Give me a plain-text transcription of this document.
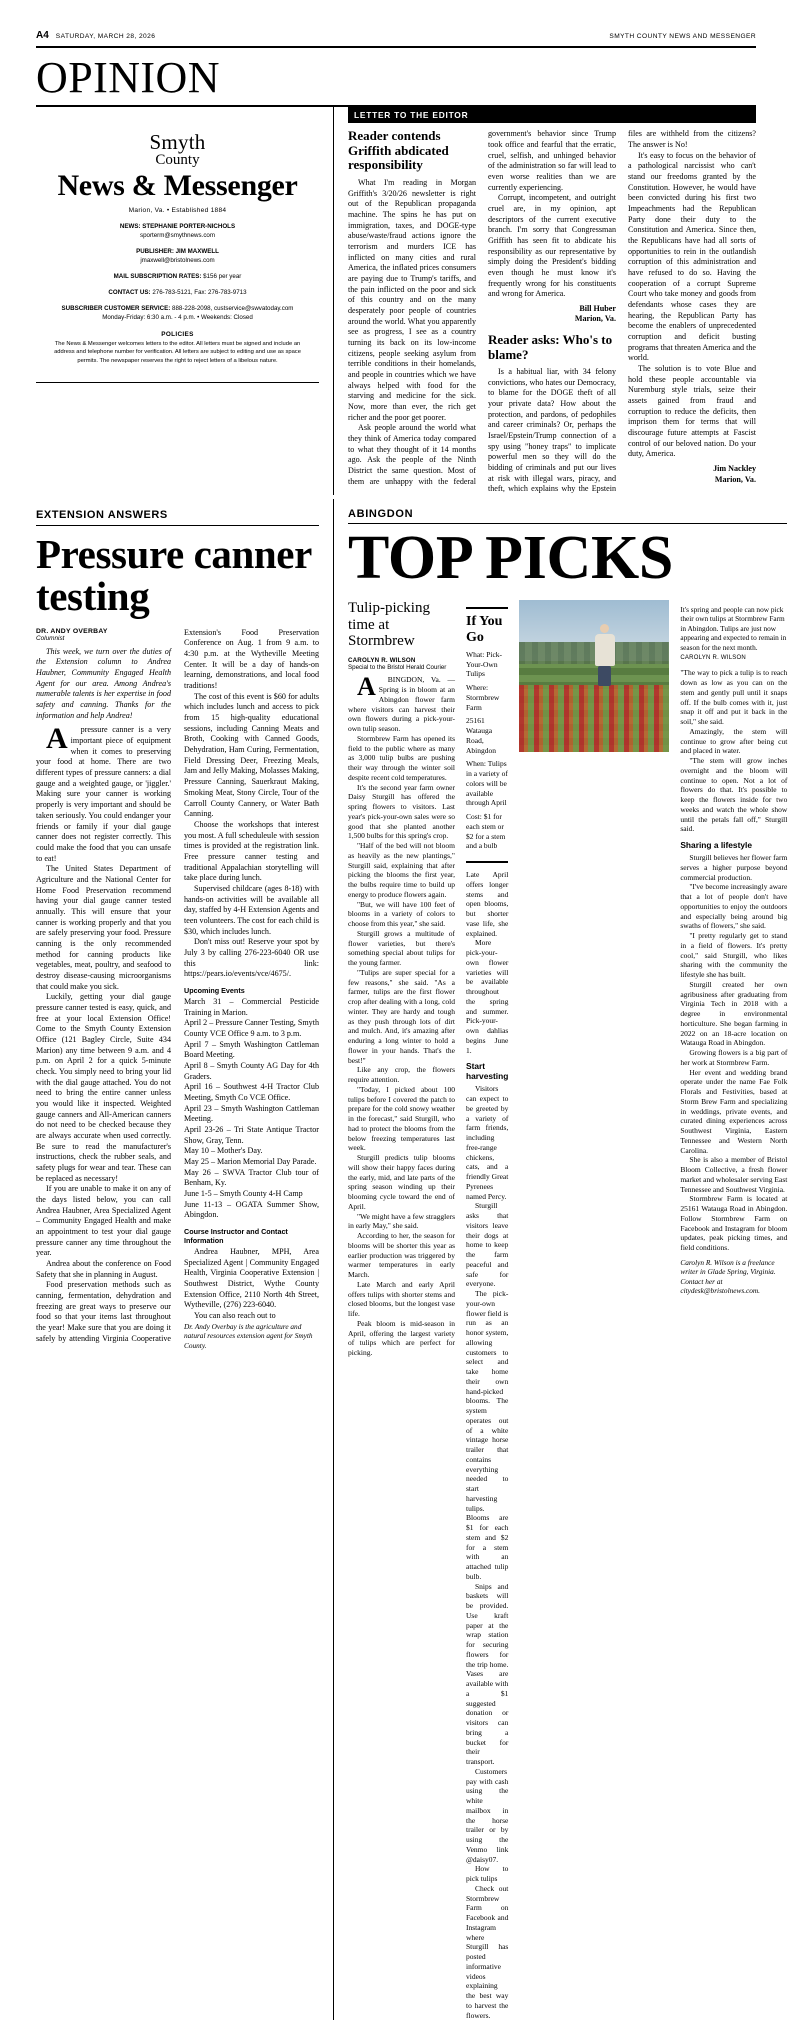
A4 SATURDAY, MARCH 28, 2026	SMYTH COUNTY NEWS AND MESSENGER
OPINION
Smyth
County
News & Messenger
Marion, Va. • Established 1884
NEWS: STEPHANIE PORTER-NICHOLS
sporterm@smythnews.com
PUBLISHER: JIM MAXWELL
jmaxwell@bristolnews.com
MAIL SUBSCRIPTION RATES: $156 per year
CONTACT US: 276-783-5121, Fax: 276-783-9713
SUBSCRIBER CUSTOMER SERVICE: 888-228-2098, custservice@swvatoday.com
Monday-Friday: 6:30 a.m. - 4 p.m. • Weekends: Closed
POLICIES
The News & Messenger welcomes letters to the editor. All letters must be signed and include an address and telephone number for verification. All letters are subject to editing and use as space permits. The newspaper reserves the right to reject letters of a libelous nature.
LETTER TO THE EDITOR
Reader contends Griffith abdicated responsibility

What I'm reading in Morgan Griffith's 3/20/26 newsletter is right out of the Republican propaganda machine. The spins he has put on immigration, taxes, and DOGE-type abuse/waste/fraud actions ignore the terrorism and murders ICE has inflicted on many cities and rural America, the inflated prices consumers are paying due to Trump's tariffs, and the pain inflicted on the poor and sick of this country and on the many desperately poor people of countries around the world. What you apparently see as progress, I see as a country turning its back on its low-income citizens, people seeking asylum from terrible conditions in their homelands, and people in countries which we have always helped with food for the starving and medicine for the sick. Now, more than ever, the rich get richer and the poor get poorer.

Ask people around the world what they think of America today compared to what they thought of it 14 months ago. Ask the people of the Ninth District the same question. Most of them are unhappy with the federal government's behavior since Trump took office and fearful that the erratic, cruel, selfish, and unhinged behavior of the administration so far will lead to even worse realities than we are currently experiencing.

Corrupt, incompetent, and outright cruel are, in my opinion, apt descriptors of the current executive branch. I'm sorry that Congressman Griffith has seen fit to abdicate his responsibility as our representative by simply doing the President's bidding even though he must know it's frequently wrong for his constituents and wrong for America.

Bill Huber
Marion, Va.
Reader asks: Who's to blame?

Is a habitual liar, with 34 felony convictions, who hates our Democracy, to blame for the DOGE theft of all your private data? How about the protection, and pardons, of pedophiles and career criminals? Or, perhaps the Israel/Epstein/Trump connection of a spy using "honey traps" to implicate powerful men so they will do the bidding of criminals and put our lives at risk with illegal wars, piracy, and theft, which explains why the Epstein files are withheld from the citizens? The answer is No!

It's easy to focus on the behavior of a pathological narcissist who can't stand our freedoms granted by the Constitution. However, he would have been convicted during his first two Impeachments had the Republican Party done their duty to the Constitution and America. Since then, the Republicans have had all sorts of opportunities to rein in the outlandish corruption of this administration and have refused to do so. Having the cooperation of a corrupt Supreme Court who take money and goods from defendants whose cases they are hearing, the Republican Party has become the enablers of unprecedented corruption and deficit busting programs that threaten America and the world.

The solution is to vote Blue and hold these people accountable via Nuremburg style trials, seize their assets gained from fraud and corruption to reduce the deficits, then imprison them for terms that will discourage future attempts at Fascist control of our beloved nation. Do your duty, America.

Jim Nackley
Marion, Va.
EXTENSION ANSWERS
Pressure canner testing
DR. ANDY OVERBAY
Columnist

This week, we turn over the duties of the Extension column to Andrea Haubner, Community Engaged Health Agent for our area. Among Andrea's numerable talents is her expertise in food safety and canning. Thanks for the information and help Andrea!

Apressure canner is a very important piece of equipment when it comes to preserving your food at home. There are two different types of pressure canners: a dial gauge and a weighted gauge, or 'jiggler.' Making sure your canner is working properly is very important and should be taken seriously. You could endanger your friends or family if your dial gauge canner does not register correctly. This could make the food that you can unsafe to eat!

The United States Department of Agriculture and the National Center for Home Food Preservation recommend having your dial gauge canner tested annually. This will ensure that your canner is working properly and that you are safely preserving your food. Pressure canning is the only recommended method for canning products like vegetables, meat, poultry, and seafood to destroy disease-causing microorganisms that could make you sick.

Luckily, getting your dial gauge pressure canner tested is easy, quick, and free at your local Extension Office! Come to the Smyth County Extension Office (121 Bagley Circle, Suite 434 Marion) any time between 9 a.m. and 4 p.m. on April 2 for a quick 5-minute check. You simply need to bring your lid with the dial gauge attached. You do not need to bring the entire canner unless you would like it inspected. Weighted gauge canners and All-American canners do not need to be checked because they are always accurate when used correctly. Be sure to read the manufacturer's instructions, check the rubber seals, and safety plugs for wear and tear. These can be replaced as necessary!

If you are unable to make it on any of the days listed below, you can call Andrea Haubner, Area Specialized Agent – Community Engaged Health and make an appointment to test your dial gauge pressure canner any time throughout the year.

Andrea about the conference on Food Safety that she in planning in August.

Food preservation methods such as canning, fermentation, dehydration and freezing are great ways to preserve our food so that your items last throughout the year! Make sure that you are doing it safely by attending Virginia Cooperative Extension's Food Preservation Conference on Aug. 1 from 9 a.m. to 4:30 p.m. at the Wytheville Meeting Center. It will be a day of hands-on learning, demonstrations, and local food traditions!

The cost of this event is $60 for adults which includes lunch and access to pick from 15 high-quality educational sessions, including Canning Meats and Broth, Cooking with Canned Goods, Dehydration, Ham Curing, Fermentation, Field Dressing Deer, Freezing Meals, Jam and Jelly Making, Molasses Making, Pressure Canning, Sauerkraut Making, Smoking Meat, Stony Circle, Tour of the Carroll County Cannery, or Water Bath Canning.

Choose the workshops that interest you most. A full scheduleule with session times is provided at the registration link. Free pressure canner testing and traditional Appalachian storytelling will take place during lunch.

Supervised childcare (ages 8-18) with hands-on activities will be available all day, staffed by 4-H Extension Agents and teen volunteers. The cost for each child is $30, which includes lunch.

Don't miss out! Reserve your spot by July 3 by calling 276-223-6040 OR use this link: https://pears.io/events/vce/4675/.

Upcoming Events

March 31 – Commercial Pesticide Training in Marion.

April 2 – Pressure Canner Testing, Smyth County VCE Office 9 a.m. to 3 p.m.

April 7 – Smyth Washington Cattleman Board Meeting.

April 8 – Smyth County AG Day for 4th Graders.

April 16 – Southwest 4-H Tractor Club Meeting, Smyth Co VCE Office.

April 23 – Smyth Washington Cattleman Meeting.

April 23-26 – Tri State Antique Tractor Show, Gray, Tenn.

May 10 – Mother's Day.

May 25 – Marion Memorial Day Parade.

May 26 – SWVA Tractor Club tour of Benham, Ky.

June 1-5 – Smyth County 4-H Camp

June 11-13 – OGATA Summer Show, Abingdon.

Course Instructor and Contact Information

Andrea Haubner, MPH, Area Specialized Agent | Community Engaged Health, Virginia Cooperative Extension | Southwest District, Wythe County Extension Office, 2110 North 4th Street, Wytheville, (276) 223-6040.

You can also reach out to

Dr. Andy Overbay is the agriculture and natural resources extension agent for Smyth County.

ABINGDON
TOP PICKS
Tulip-picking time at Stormbrew
CAROLYN R. WILSON
Special to the Bristol Herald Courier

ABINGDON, Va. — Spring is in bloom at an Abingdon flower farm where visitors can harvest their own flowers during a pick-your-own tulip season.

Stormbrew Farm has opened its field to the public where as many as 3,000 tulip bulbs are pushing their way through the winter soil despite recent cold temperatures.

It's the second year farm owner Daisy Sturgill has offered the spring flowers to visitors. Last year's pick-your-own sales were so good that she planted another 1,500 bulbs for this spring's crop.

"Half of the bed will not bloom as heavily as the new plantings," Sturgill said, explaining that after picking the blooms the first year, the bulbs require time to build up energy to produce flowers again.

"But, we will have 100 feet of blooms in a variety of colors to choose from this year," she said.

Sturgill grows a multitude of flower varieties, but there's something special about tulips for the young farmer.

"Tulips are super special for a few reasons," she said. "As a farmer, tulips are the first flower crop after dealing with a long, cold winter. They are hardy and tough as they push through lots of dirt and mulch. And, it's amazing after enduring a long winter to hold a flower in your hands. That's the best!"

Like any crop, the flowers require attention.

"Today, I picked about 100 tulips before I covered the patch to prepare for the cold snowy weather in the forecast," said Sturgill, who had to protect the blooms from the below freezing temperatures last week.

Sturgill predicts tulip blooms will show their happy faces during the early, mid, and late parts of the spring season winding up their blooming cycle toward the end of April.

"We might have a few stragglers in early May," she said.

According to her, the season for blooms will be shorter this year as earlier production was triggered by warmer temperatures in early March.

Late March and early April offers tulips with shorter stems and closed blooms, but the longest vase life.

Peak bloom is mid-season in April, offering the largest variety of tulips which are perfect for picking.

If You Go

What: Pick-Your-Own Tulips

Where: Stormbrew Farm

25161 Watauga Road, Abingdon

When: Tulips in a variety of colors will be available through April

Cost: $1 for each stem or $2 for a stem and a bulb

Late April offers longer stems and open blooms, but shorter vase life, she explained.

More pick-your-own flower varieties will be available throughout the spring and summer. Pick-your-own dahlias begins June 1.

Start harvesting

Visitors can expect to be greeted by a variety of farm friends, including free-range chickens, cats, and a friendly Great Pyrenees named Percy.

Sturgill asks that visitors leave their dogs at home to keep the farm peaceful and safe for everyone.

The pick-your-own flower field is run as an honor system, allowing customers to select and take home their own hand-picked blooms. The system operates out of a white vintage horse trailer that contains everything needed to start harvesting tulips. Blooms are $1 for each stem and $2 for a stem with an attached tulip bulb.

Snips and baskets will be provided. Use kraft paper at the wrap station for securing flowers for the trip home. Vases are available with a $1 suggested donation or visitors can bring a bucket for their transport.

Customers pay with cash using the white mailbox in the horse trailer or by using the Venmo link @daisy07.

How to pick tulips

Check out Stormbrew Farm on Facebook and Instagram where Sturgill has posted informative videos explaining the best way to harvest the flowers.

It's spring and people can now pick their own tulips at Stormbrew Farm in Abingdon. Tulips are just now appearing and expected to remain in season for the next month.

CAROLYN R. WILSON

"The way to pick a tulip is to reach down as low as you can on the stem and gently pull until it snaps off. If the bulb comes with it, just snap it off and put it back in the soil," she said.

Amazingly, the stem will continue to grow after being cut and placed in water.

"The stem will grow inches overnight and the bloom will continue to open. Not a lot of flowers do that. It's possible to keep the flowers inside for two weeks and watch the whole show until the petals fall off," Sturgill said.

Sharing a lifestyle

Sturgill believes her flower farm serves a higher purpose beyond commercial production.

"I've become increasingly aware that a lot of people don't have opportunities to enjoy the outdoors and especially being around big swaths of flowers," she said.

"I pretty regularly get to stand in a field of flowers. It's pretty cool," said Sturgill, who likes sharing with the community the lifestyle she has built.

Sturgill created her own agribusiness after graduating from Virginia Tech in 2018 with a degree in environmental horticulture. She began farming in 2022 on an 18-acre location on Watauga Road in Abingdon.

Growing flowers is a big part of her work at Stormbrew Farm.

Her event and wedding brand operate under the name Fae Folk Florals and Festivities, based at Storm Brew Farm and specializing in weddings, private events, and curated dining experiences across Southwest Virginia, Eastern Tennessee and Western North Carolina.

She is also a member of Bristol Bloom Collective, a fresh flower market and wholesaler serving East Tennessee and Southwest Virginia.

Stormbrew Farm is located at 25161 Watauga Road in Abingdon. Follow Stormbrew Farm on Facebook and Instagram for bloom updates, peak picking times, and field conditions.

Carolyn R. Wilson is a freelance writer in Glade Spring, Virginia. Contact her at citydesk@bristolnews.com.
